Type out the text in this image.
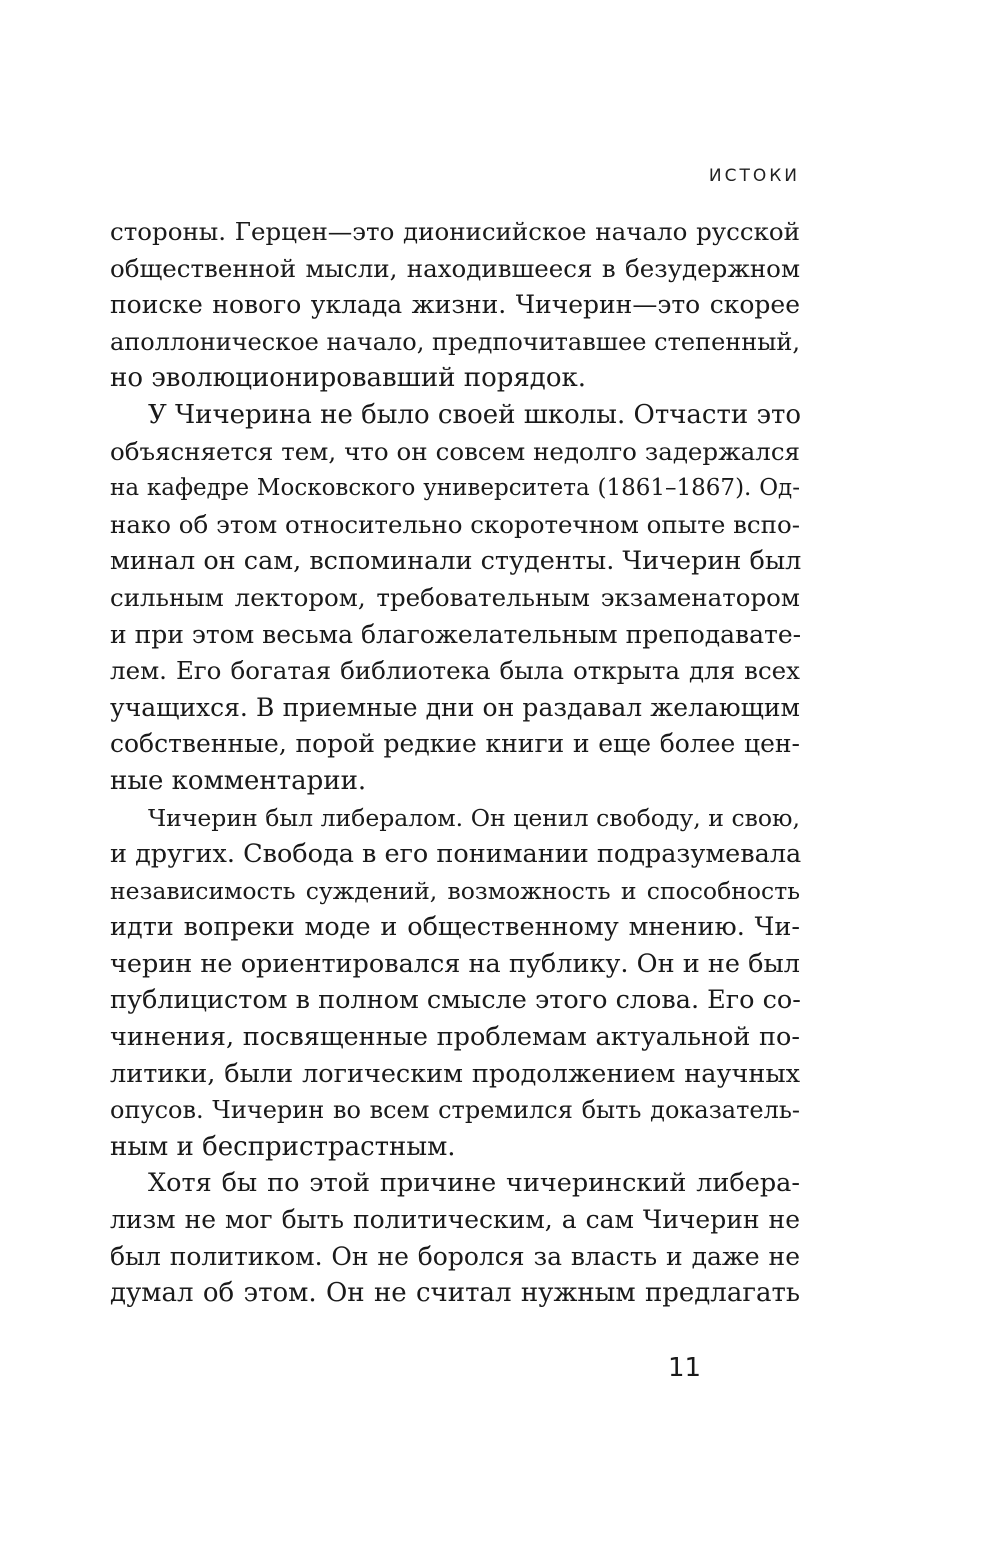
ИСТОКИ
стороны. Герцен—это дионисийское начало русской
общественной мысли, находившееся в безудержном
поиске нового уклада жизни. Чичерин—это скорее
аполлоническое начало, предпочитавшее степенный,
но эволюционировавший порядок.
У Чичерина не было своей школы. Отчасти это
объясняется тем, что он совсем недолго задержался
на кафедре Московского университета (1861–1867). Од-
нако об этом относительно скоротечном опыте вспо-
минал он сам, вспоминали студенты. Чичерин был
сильным лектором, требовательным экзаменатором
и при этом весьма благожелательным преподавате-
лем. Его богатая библиотека была открыта для всех
учащихся. В приемные дни он раздавал желающим
собственные, порой редкие книги и еще более цен-
ные комментарии.
Чичерин был либералом. Он ценил свободу, и свою,
и других. Свобода в его понимании подразумевала
независимость суждений, возможность и способность
идти вопреки моде и общественному мнению. Чи-
черин не ориентировался на публику. Он и не был
публицистом в полном смысле этого слова. Его со-
чинения, посвященные проблемам актуальной по-
литики, были логическим продолжением научных
опусов. Чичерин во всем стремился быть доказатель-
ным и беспристрастным.
Хотя бы по этой причине чичеринский либера-
лизм не мог быть политическим, а сам Чичерин не
был политиком. Он не боролся за власть и даже не
думал об этом. Он не считал нужным предлагать
11
